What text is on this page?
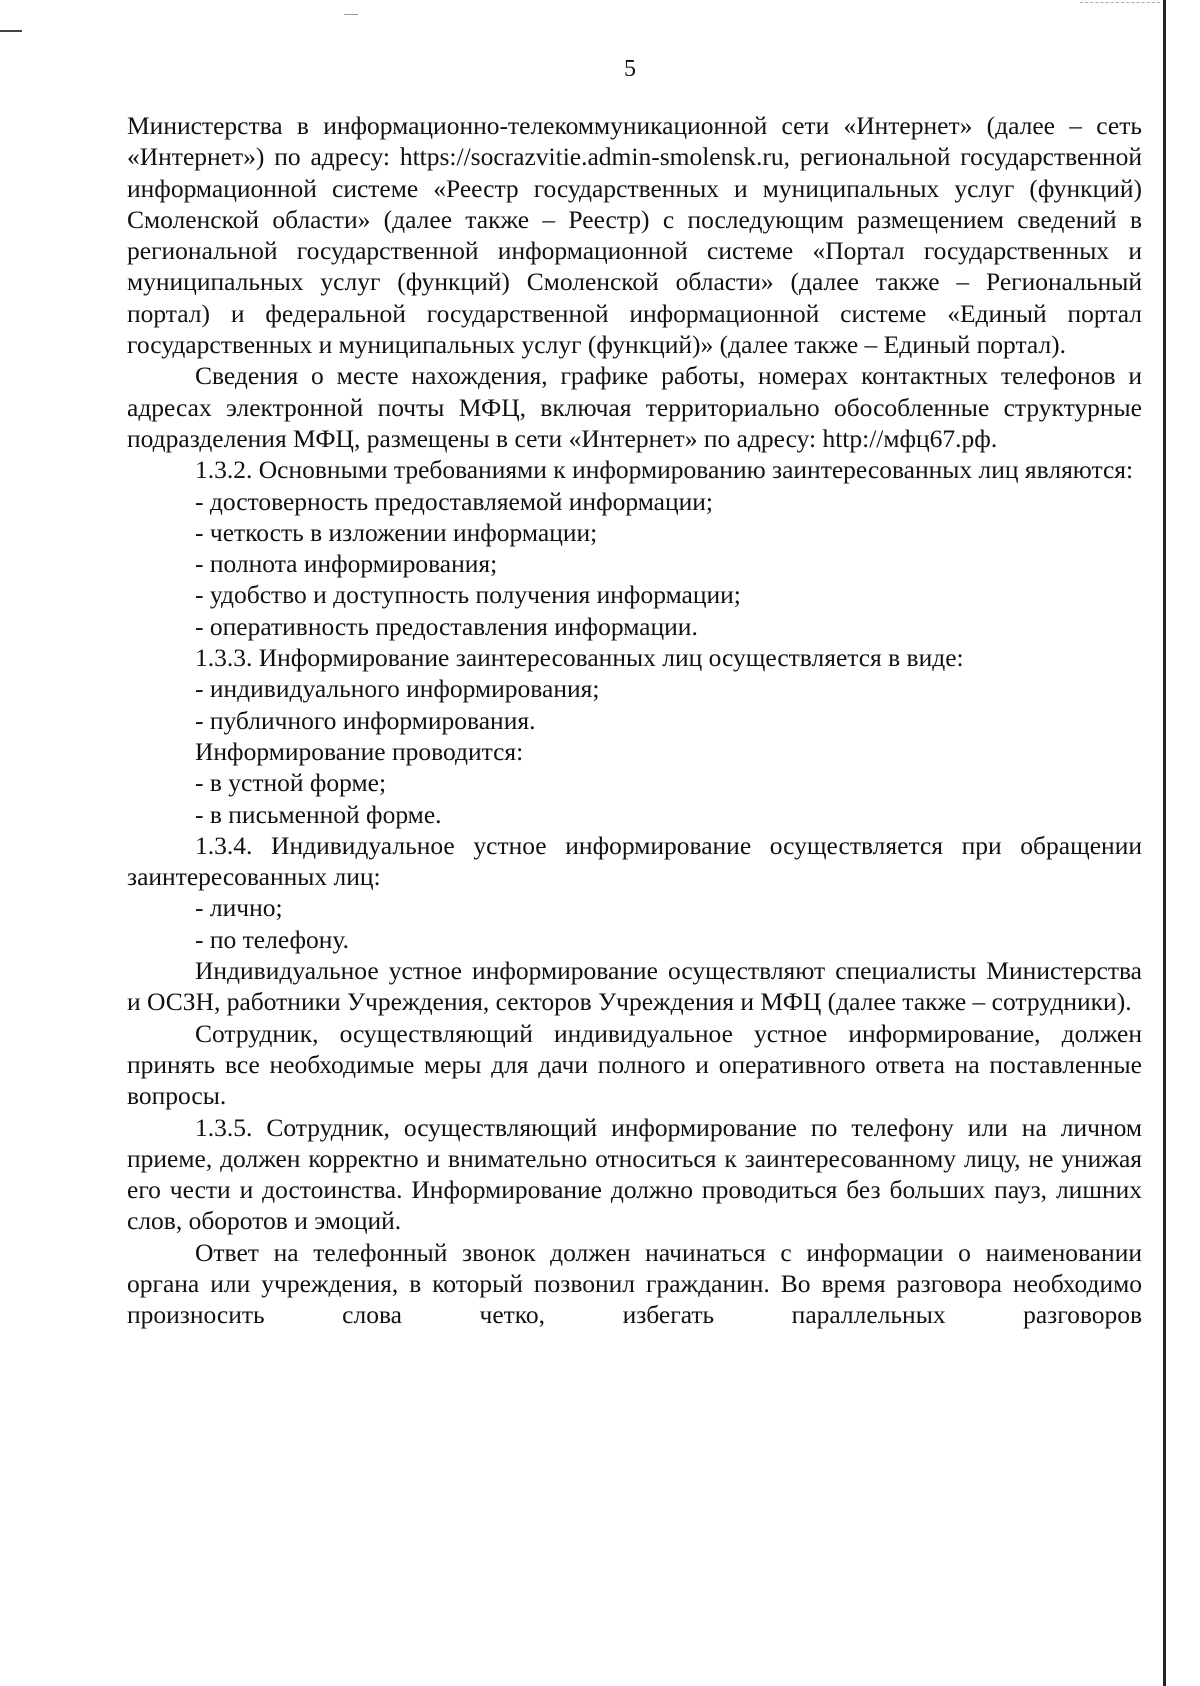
5

Министерства в информационно-телекоммуникационной сети «Интернет» (далее – сеть «Интернет») по адресу: https://socrazvitie.admin-smolensk.ru, региональной государственной информационной системе «Реестр государственных и муниципальных услуг (функций) Смоленской области» (далее также – Реестр) с последующим размещением сведений в региональной государственной информационной системе «Портал государственных и муниципальных услуг (функций) Смоленской области» (далее также – Региональный портал) и федеральной государственной информационной системе «Единый портал государственных и муниципальных услуг (функций)» (далее также – Единый портал).

Сведения о месте нахождения, графике работы, номерах контактных телефонов и адресах электронной почты МФЦ, включая территориально обособленные структурные подразделения МФЦ, размещены в сети «Интернет» по адресу: http://мфц67.рф.

1.3.2. Основными требованиями к информированию заинтересованных лиц являются:

- достоверность предоставляемой информации;

- четкость в изложении информации;

- полнота информирования;

- удобство и доступность получения информации;

- оперативность предоставления информации.

1.3.3. Информирование заинтересованных лиц осуществляется в виде:

- индивидуального информирования;

- публичного информирования.

Информирование проводится:

- в устной форме;

- в письменной форме.

1.3.4. Индивидуальное устное информирование осуществляется при обращении заинтересованных лиц:

- лично;

- по телефону.

Индивидуальное устное информирование осуществляют специалисты Министерства и ОСЗН, работники Учреждения, секторов Учреждения и МФЦ (далее также – сотрудники).

Сотрудник, осуществляющий индивидуальное устное информирование, должен принять все необходимые меры для дачи полного и оперативного ответа на поставленные вопросы.

1.3.5. Сотрудник, осуществляющий информирование по телефону или на личном приеме, должен корректно и внимательно относиться к заинтересованному лицу, не унижая его чести и достоинства. Информирование должно проводиться без больших пауз, лишних слов, оборотов и эмоций.

Ответ на телефонный звонок должен начинаться с информации о наименовании органа или учреждения, в который позвонил гражданин. Во время разговора необходимо произносить слова четко, избегать параллельных разговоров
